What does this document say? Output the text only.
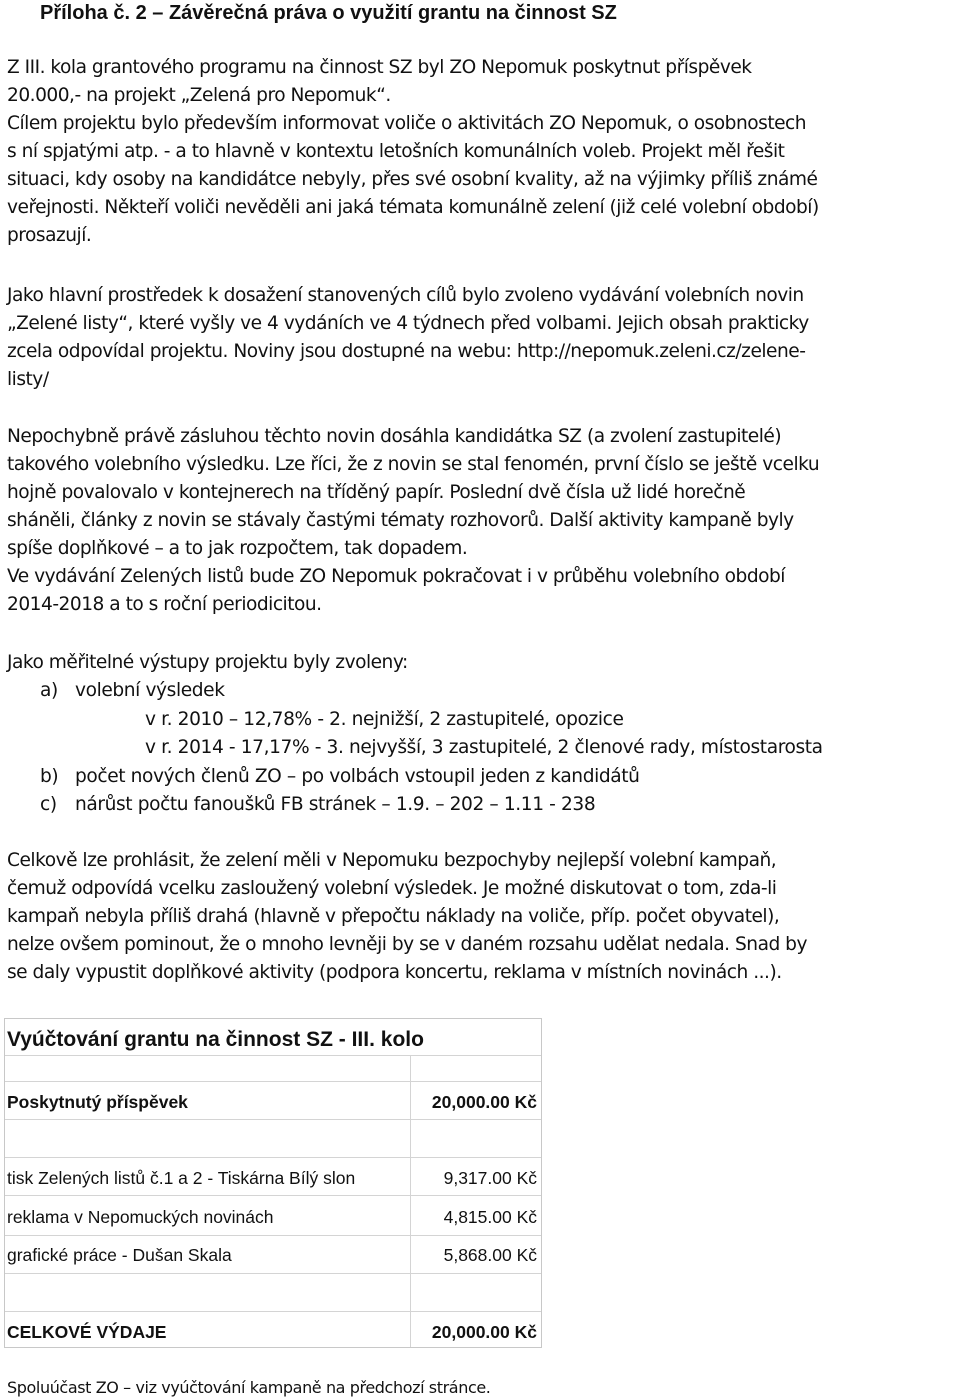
Příloha č. 2 – Závěrečná práva o využití grantu na činnost SZ
Z III. kola grantového programu na činnost SZ byl ZO Nepomuk poskytnut příspěvek
20.000,- na projekt „Zelená pro Nepomuk“.
Cílem projektu bylo především informovat voliče o aktivitách ZO Nepomuk, o osobnostech
s ní spjatými atp. - a to hlavně v kontextu letošních komunálních voleb. Projekt měl řešit
situaci, kdy osoby na kandidátce nebyly, přes své osobní kvality, až na výjimky příliš známé
veřejnosti. Někteří voliči nevěděli ani jaká témata komunálně zelení (již celé volební období)
prosazují.
Jako hlavní prostředek k dosažení stanovených cílů bylo zvoleno vydávání volebních novin
„Zelené listy“, které vyšly ve 4 vydáních ve 4 týdnech před volbami. Jejich obsah prakticky
zcela odpovídal projektu. Noviny jsou dostupné na webu: http://nepomuk.zeleni.cz/zelene-
listy/
Nepochybně právě zásluhou těchto novin dosáhla kandidátka SZ (a zvolení zastupitelé)
takového volebního výsledku. Lze říci, že z novin se stal fenomén, první číslo se ještě vcelku
hojně povalovalo v kontejnerech na tříděný papír. Poslední dvě čísla už lidé horečně
sháněli, články z novin se stávaly častými tématy rozhovorů. Další aktivity kampaně byly
spíše doplňkové – a to jak rozpočtem, tak dopadem.
Ve vydávání Zelených listů bude ZO Nepomuk pokračovat i v průběhu volebního období
2014-2018 a to s roční periodicitou.
Jako měřitelné výstupy projektu byly zvoleny:
a) volební výsledek
v r. 2010 – 12,78% - 2. nejnižší, 2 zastupitelé, opozice
v r. 2014 - 17,17% - 3. nejvyšší, 3 zastupitelé, 2 členové rady, místostarosta
b) počet nových členů ZO – po volbách vstoupil jeden z kandidátů
c) nárůst počtu fanoušků FB stránek – 1.9. – 202 – 1.11 - 238
Celkově lze prohlásit, že zelení měli v Nepomuku bezpochyby nejlepší volební kampaň,
čemuž odpovídá vcelku zasloužený volební výsledek. Je možné diskutovat o tom, zda-li
kampaň nebyla příliš drahá (hlavně v přepočtu náklady na voliče, příp. počet obyvatel),
nelze ovšem pominout, že o mnoho levněji by se v daném rozsahu udělat nedala. Snad by
se daly vypustit doplňkové aktivity (podpora koncertu, reklama v místních novinách ...).
Vyúčtování grantu na činnost SZ - III. kolo
Poskytnutý příspěvek	20,000.00 Kč
tisk Zelených listů č.1 a 2 - Tiskárna Bílý slon	9,317.00 Kč
reklama v Nepomuckých novinách	4,815.00 Kč
grafické práce - Dušan Skala	5,868.00 Kč
CELKOVÉ VÝDAJE	20,000.00 Kč
Spoluúčast ZO – viz vyúčtování kampaně na předchozí stránce.
